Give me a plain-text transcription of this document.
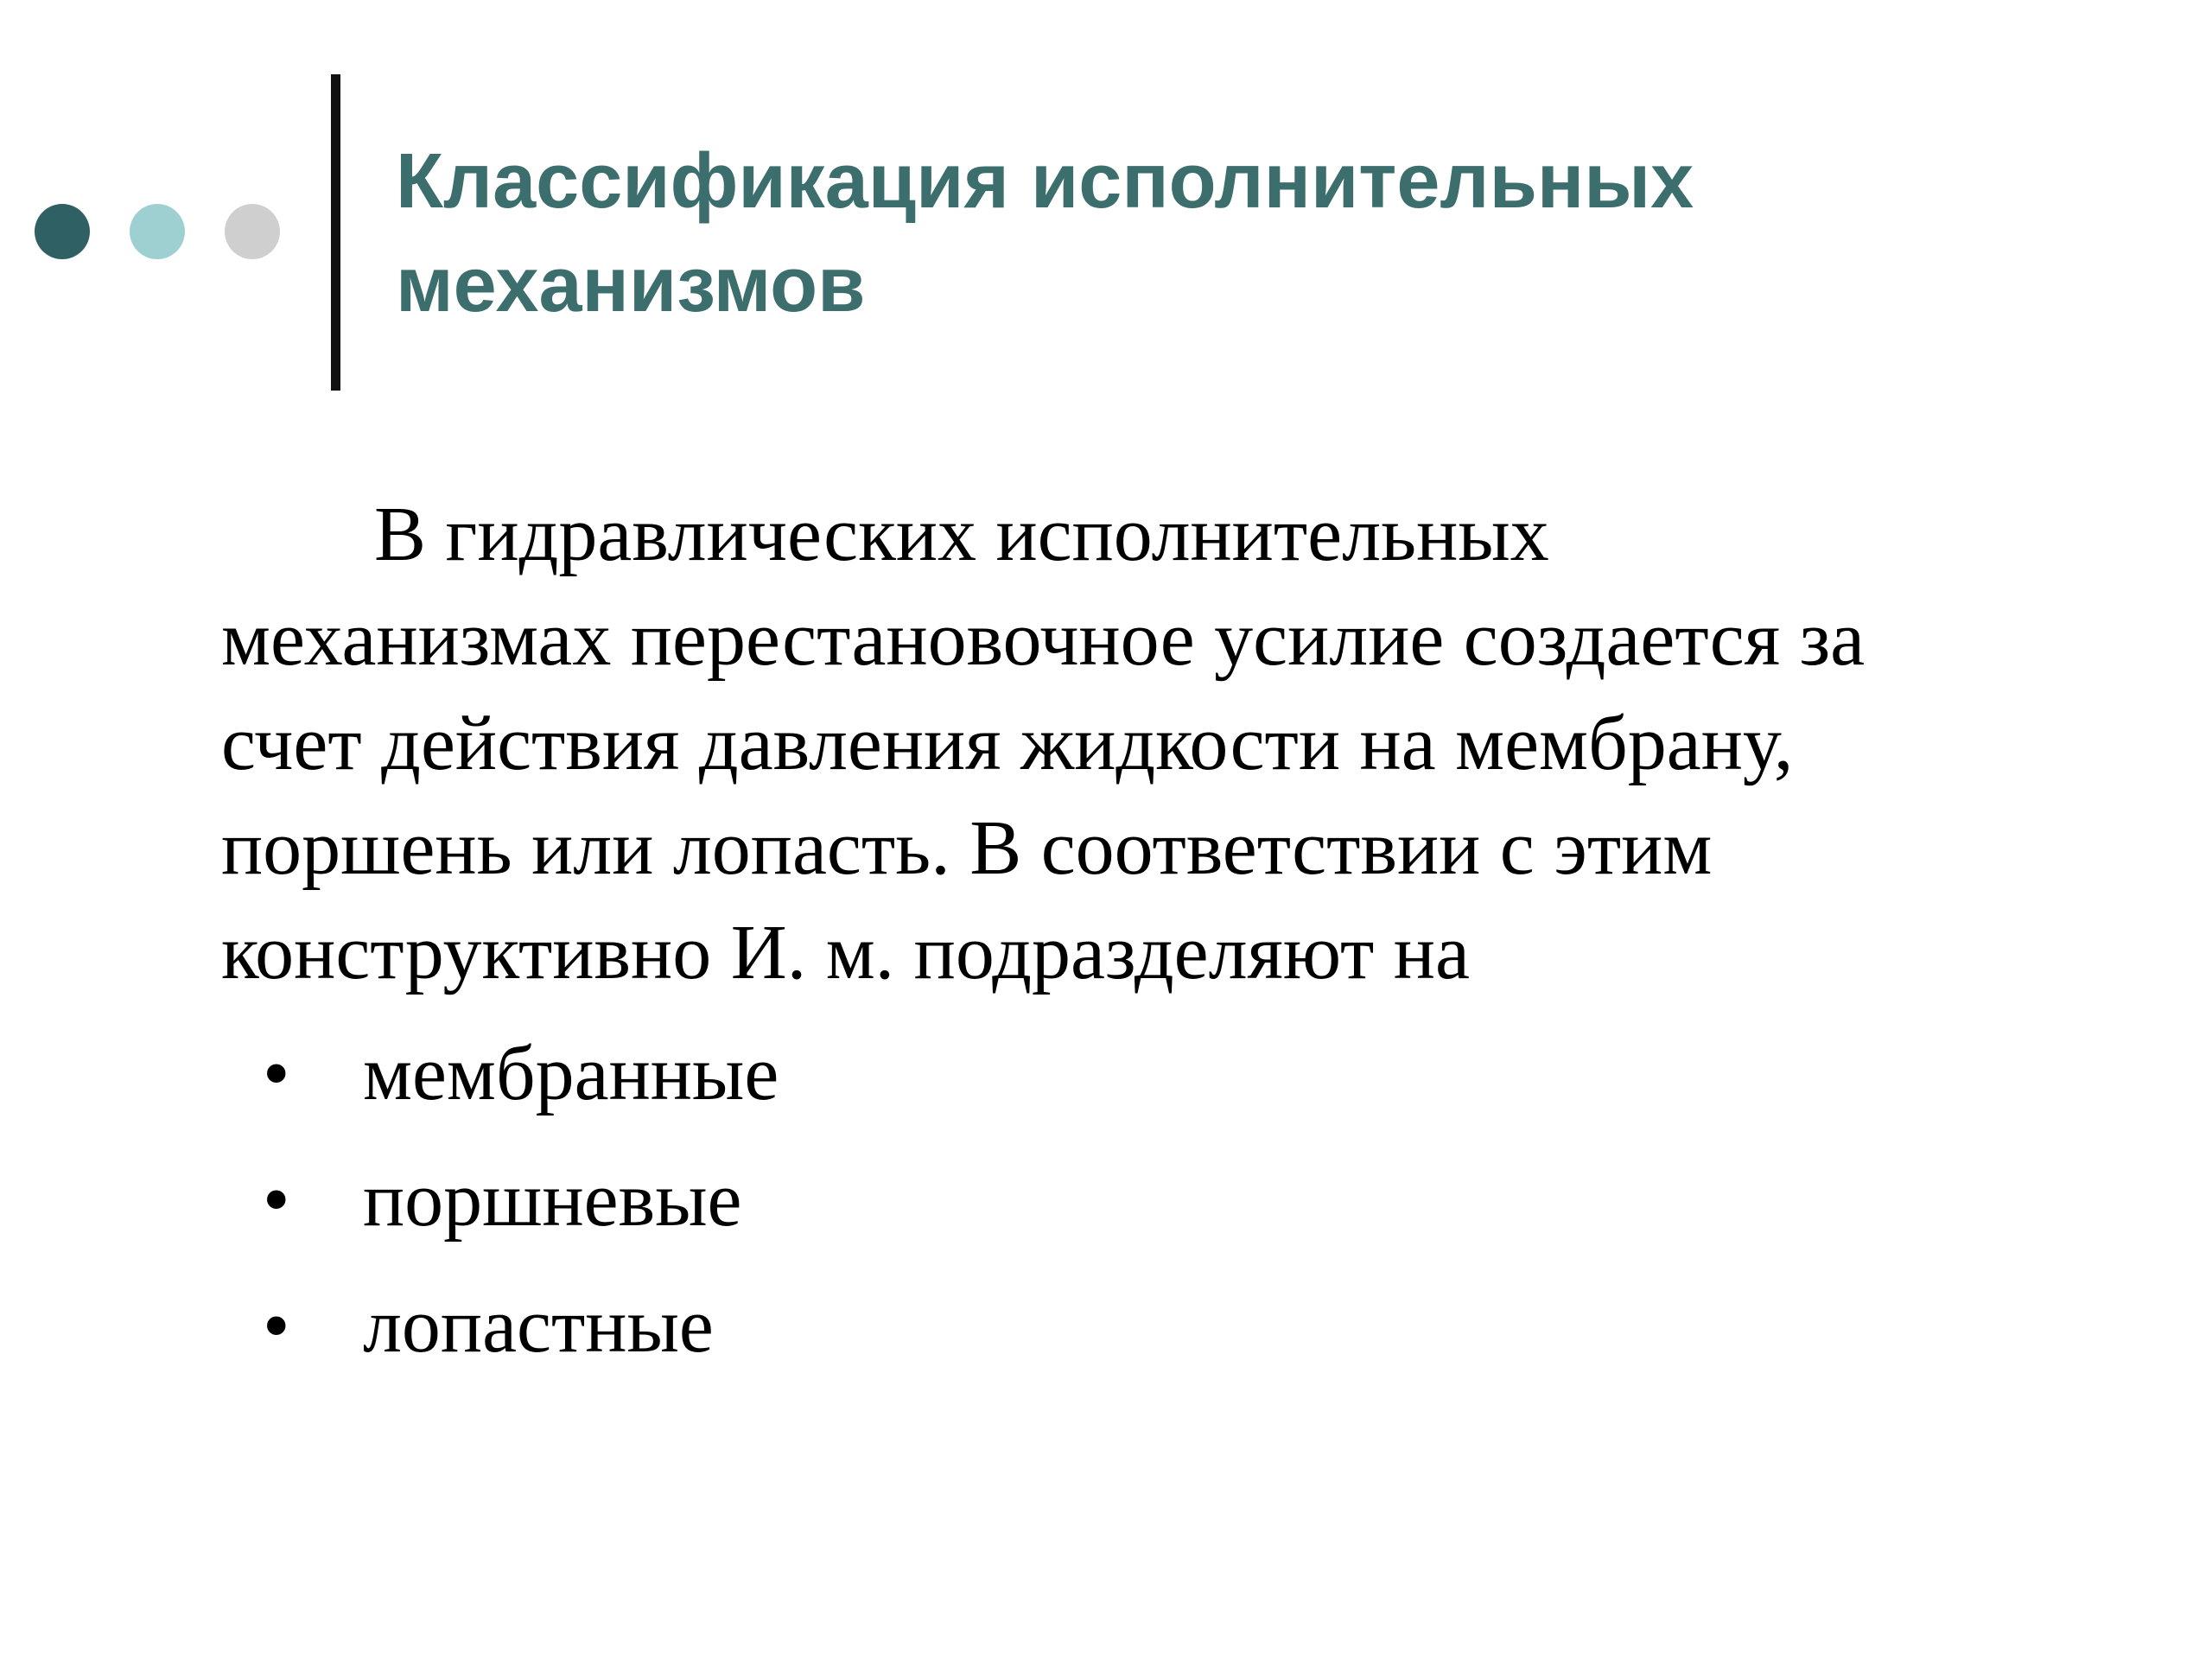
Классификация исполнительных
механизмов

В гидравлических исполнительных
механизмах перестановочное усилие создается за
счет действия давления жидкости на мембрану,
поршень или лопасть. В соответствии с этим
конструктивно И. м. подразделяют на

• мембранные
• поршневые
• лопастные
